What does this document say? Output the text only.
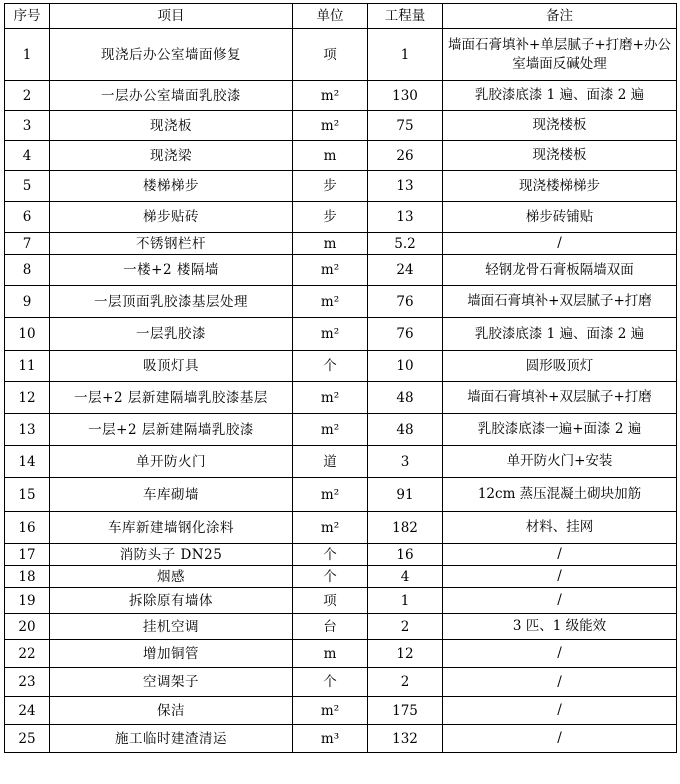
序号	项目	单位	工程量	备注
1	现浇后办公室墙面修复	项	1	墙面石膏填补+单层腻子+打磨+办公室墙面反碱处理
2	一层办公室墙面乳胶漆	m²	130	乳胶漆底漆 1 遍、面漆 2 遍
3	现浇板	m²	75	现浇楼板
4	现浇梁	m	26	现浇楼板
5	楼梯梯步	步	13	现浇楼梯梯步
6	梯步贴砖	步	13	梯步砖铺贴
7	不锈钢栏杆	m	5.2	/
8	一楼+2 楼隔墙	m²	24	轻钢龙骨石膏板隔墙双面
9	一层顶面乳胶漆基层处理	m²	76	墙面石膏填补+双层腻子+打磨
10	一层乳胶漆	m²	76	乳胶漆底漆 1 遍、面漆 2 遍
11	吸顶灯具	个	10	圆形吸顶灯
12	一层+2 层新建隔墙乳胶漆基层	m²	48	墙面石膏填补+双层腻子+打磨
13	一层+2 层新建隔墙乳胶漆	m²	48	乳胶漆底漆一遍+面漆 2 遍
14	单开防火门	道	3	单开防火门+安装
15	车库砌墙	m²	91	12cm 蒸压混凝土砌块加筋
16	车库新建墙钢化涂料	m²	182	材料、挂网
17	消防头子 DN25	个	16	/
18	烟感	个	4	/
19	拆除原有墙体	项	1	/
20	挂机空调	台	2	3 匹、1 级能效
22	增加铜管	m	12	/
23	空调架子	个	2	/
24	保洁	m²	175	/
25	施工临时建渣清运	m³	132	/
